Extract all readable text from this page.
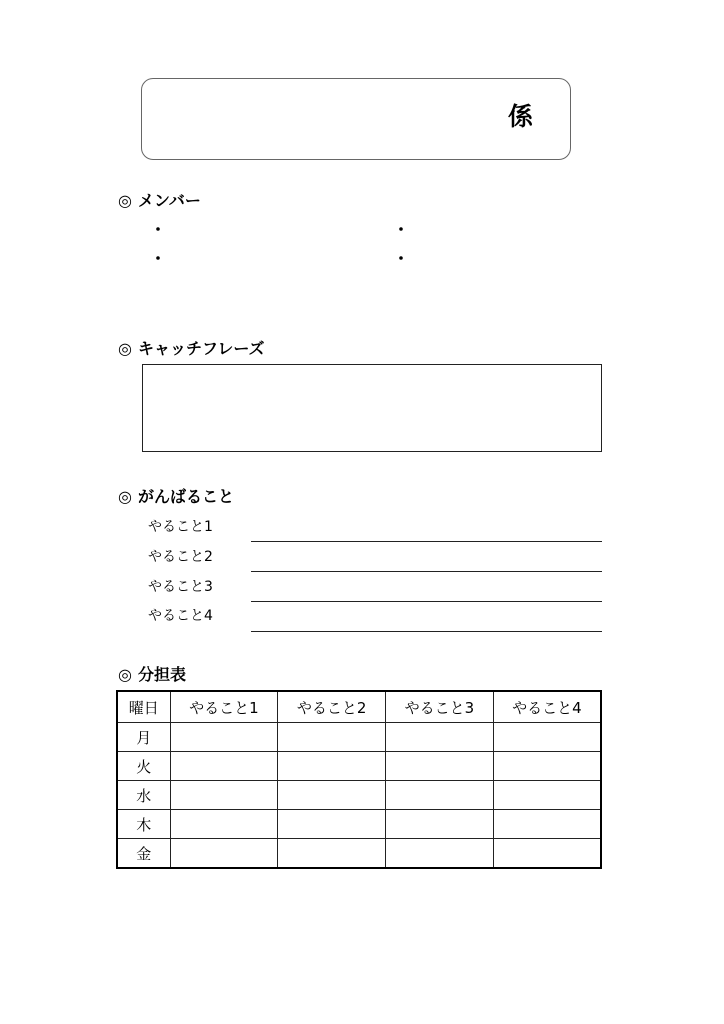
係
◎ メンバー
・	・
・	・
◎ キャッチフレーズ
◎ がんばること
やること1
やること2
やること3
やること4
◎ 分担表
曜日	やること1	やること2	やること3	やること4
月				
火				
水				
木				
金				
